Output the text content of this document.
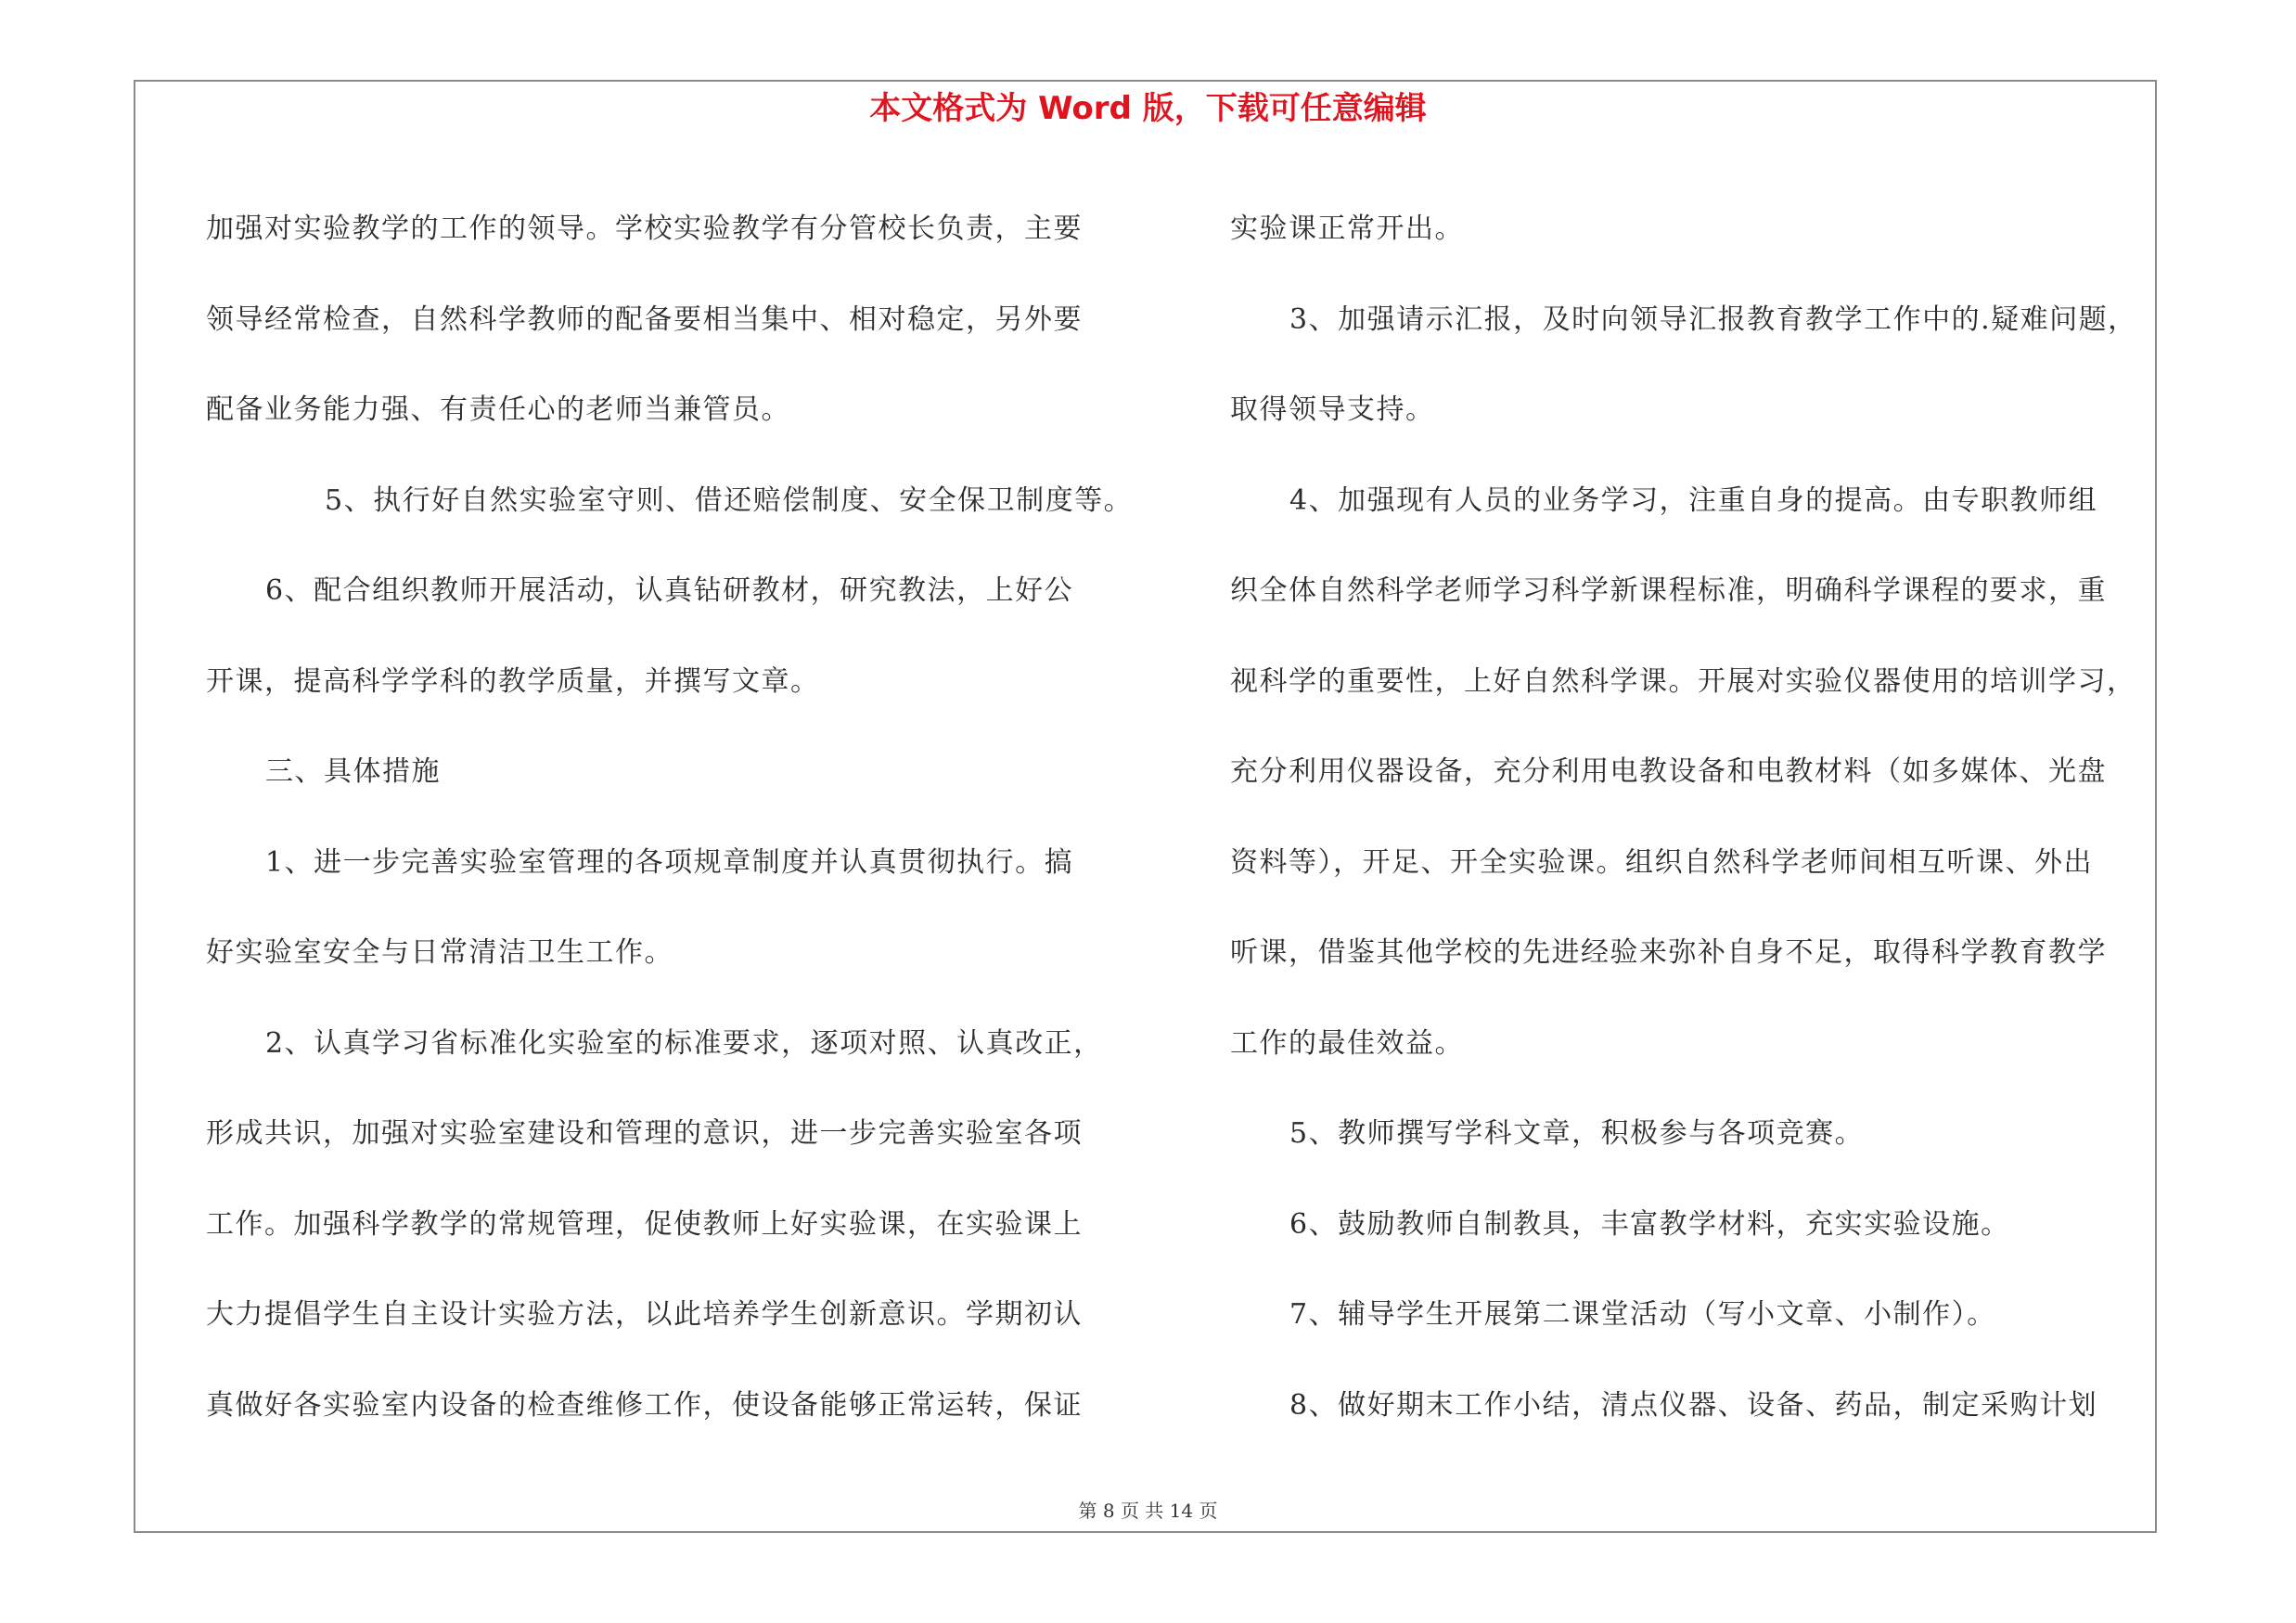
本文格式为 Word 版，下载可任意编辑
加强对实验教学的工作的领导。学校实验教学有分管校长负责，主要
领导经常检查，自然科学教师的配备要相当集中、相对稳定，另外要
配备业务能力强、有责任心的老师当兼管员。
5、执行好自然实验室守则、借还赔偿制度、安全保卫制度等。
6、配合组织教师开展活动，认真钻研教材，研究教法，上好公
开课，提高科学学科的教学质量，并撰写文章。
三、具体措施
1、进一步完善实验室管理的各项规章制度并认真贯彻执行。搞
好实验室安全与日常清洁卫生工作。
2、认真学习省标准化实验室的标准要求，逐项对照、认真改正，
形成共识，加强对实验室建设和管理的意识，进一步完善实验室各项
工作。加强科学教学的常规管理，促使教师上好实验课，在实验课上
大力提倡学生自主设计实验方法，以此培养学生创新意识。学期初认
真做好各实验室内设备的检查维修工作，使设备能够正常运转，保证
实验课正常开出。
3、加强请示汇报，及时向领导汇报教育教学工作中的.疑难问题，
取得领导支持。
4、加强现有人员的业务学习，注重自身的提高。由专职教师组
织全体自然科学老师学习科学新课程标准，明确科学课程的要求，重
视科学的重要性，上好自然科学课。开展对实验仪器使用的培训学习，
充分利用仪器设备，充分利用电教设备和电教材料（如多媒体、光盘
资料等），开足、开全实验课。组织自然科学老师间相互听课、外出
听课，借鉴其他学校的先进经验来弥补自身不足，取得科学教育教学
工作的最佳效益。
5、教师撰写学科文章，积极参与各项竞赛。
6、鼓励教师自制教具，丰富教学材料，充实实验设施。
7、辅导学生开展第二课堂活动（写小文章、小制作）。
8、做好期末工作小结，清点仪器、设备、药品，制定采购计划
第 8 页 共 14 页
